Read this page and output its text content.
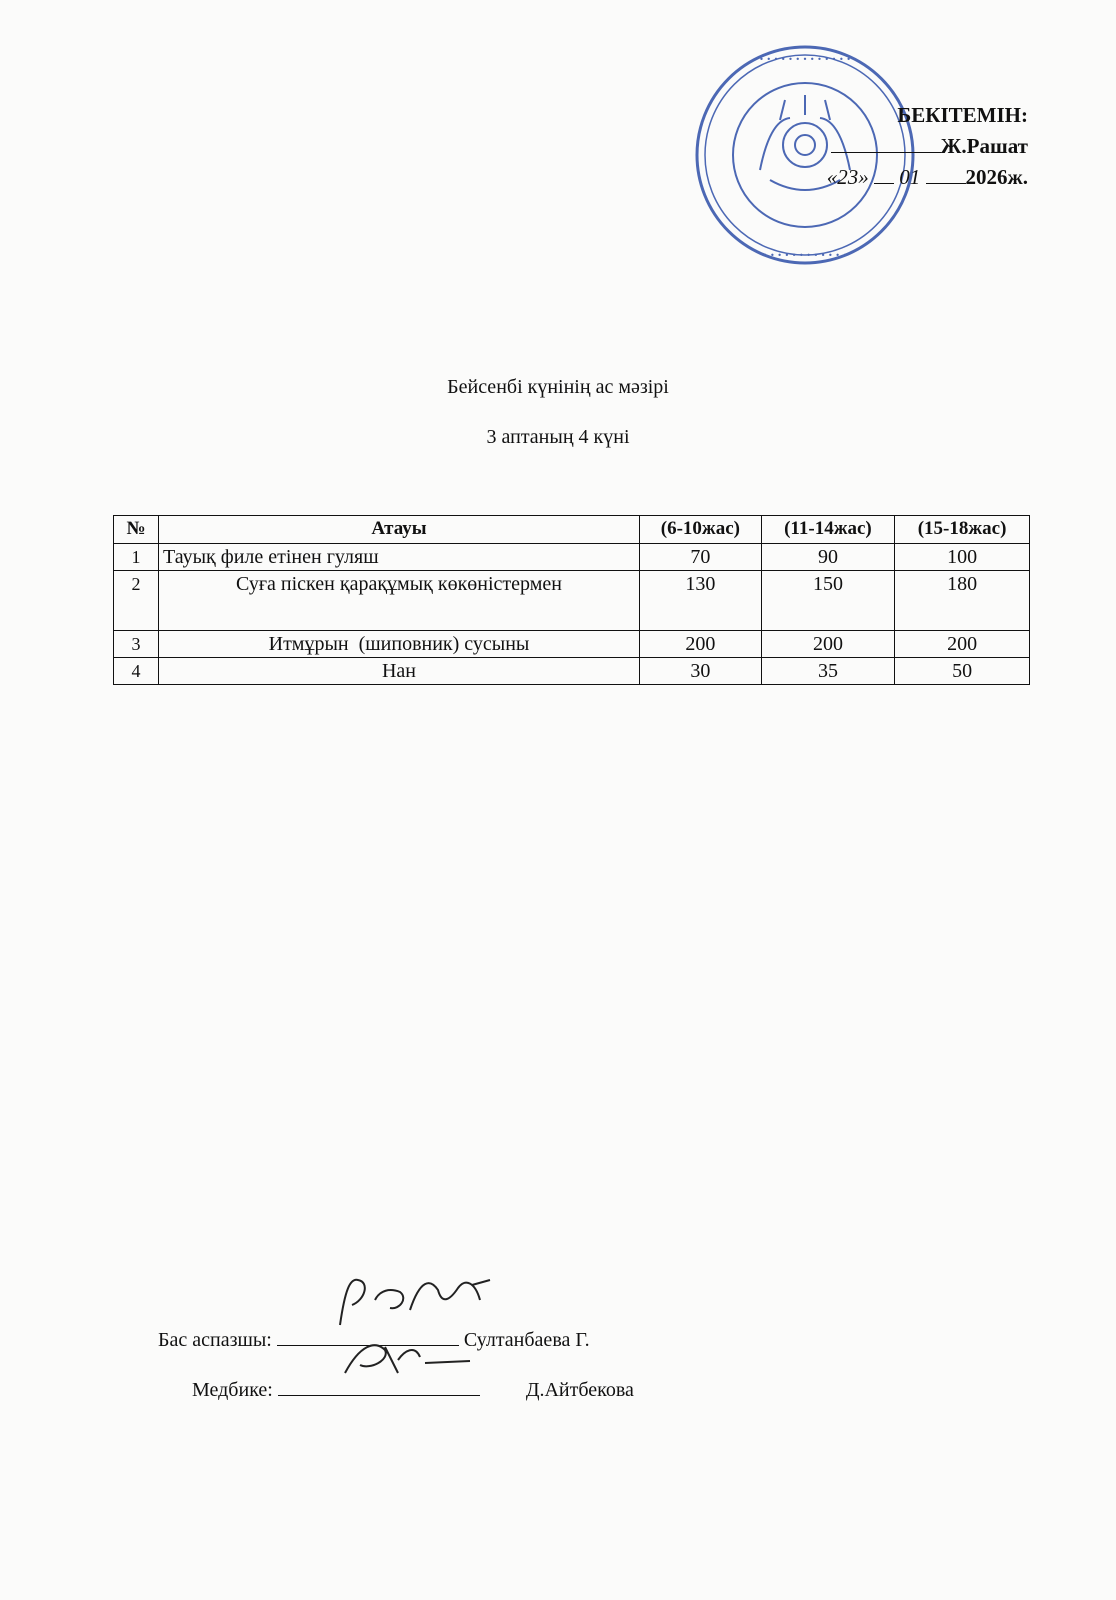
• • • • • • • • • • • • •
• • • • • • • • • • • •
БЕКІТЕМІН:
Ж.Рашат
«23» 01 2026ж.
Бейсенбі күнінің ас мәзірі
3 аптаның 4 күні
№	Атауы	(6-10жас)	(11-14жас)	(15-18жас)
1	Тауық филе етінен гуляш	70	90	100
2	Суға піскен қарақұмық көкөністермен	130	150	180
3	Итмұрын  (шиповник) сусыны	200	200	200
4	Нан	30	35	50
Бас аспазшы:	Султанбаева Г.
Медбике:	Д.Айтбекова
